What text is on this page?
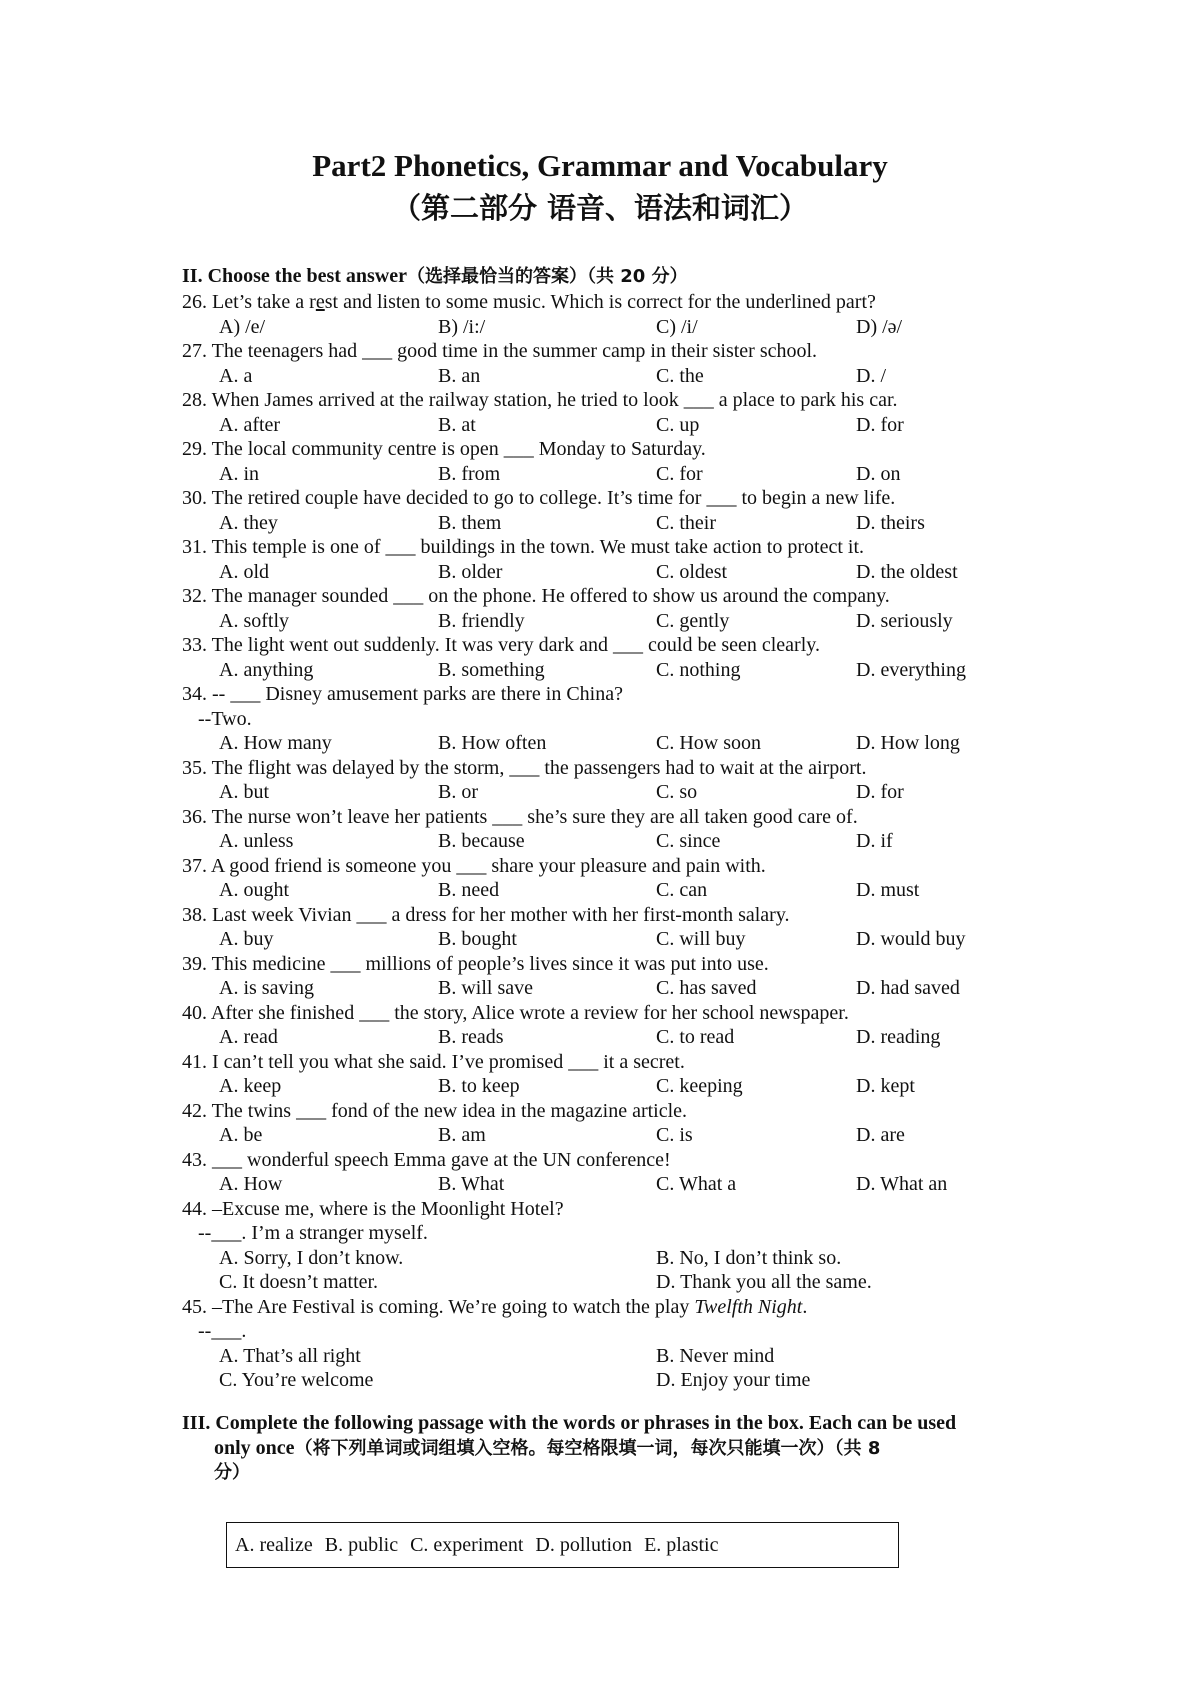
Part2 Phonetics, Grammar and Vocabulary
（第二部分 语音、语法和词汇）
II. Choose the best answer（选择最恰当的答案）（共 20 分）
26. Let’s take a rest and listen to some music. Which is correct for the underlined part?
A) /e/	B) /i:/	C) /i/	D) /ə/
27. The teenagers had ___ good time in the summer camp in their sister school.
A. a	B. an	C. the	D. /
28. When James arrived at the railway station, he tried to look ___ a place to park his car.
A. after	B. at	C. up	D. for
29. The local community centre is open ___ Monday to Saturday.
A. in	B. from	C. for	D. on
30. The retired couple have decided to go to college. It’s time for ___ to begin a new life.
A. they	B. them	C. their	D. theirs
31. This temple is one of ___ buildings in the town. We must take action to protect it.
A. old	B. older	C. oldest	D. the oldest
32. The manager sounded ___ on the phone. He offered to show us around the company.
A. softly	B. friendly	C. gently	D. seriously
33. The light went out suddenly. It was very dark and ___ could be seen clearly.
A. anything	B. something	C. nothing	D. everything
34. -- ___ Disney amusement parks are there in China?
--Two.
A. How many	B. How often	C. How soon	D. How long
35. The flight was delayed by the storm, ___ the passengers had to wait at the airport.
A. but	B. or	C. so	D. for
36. The nurse won’t leave her patients ___ she’s sure they are all taken good care of.
A. unless	B. because	C. since	D. if
37. A good friend is someone you ___ share your pleasure and pain with.
A. ought	B. need	C. can	D. must
38. Last week Vivian ___ a dress for her mother with her first-month salary.
A. buy	B. bought	C. will buy	D. would buy
39. This medicine ___ millions of people’s lives since it was put into use.
A. is saving	B. will save	C. has saved	D. had saved
40. After she finished ___ the story, Alice wrote a review for her school newspaper.
A. read	B. reads	C. to read	D. reading
41. I can’t tell you what she said. I’ve promised ___ it a secret.
A. keep	B. to keep	C. keeping	D. kept
42. The twins ___ fond of the new idea in the magazine article.
A. be	B. am	C. is	D. are
43. ___ wonderful speech Emma gave at the UN conference!
A. How	B. What	C. What a	D. What an
44. –Excuse me, where is the Moonlight Hotel?
--___. I’m a stranger myself.
A. Sorry, I don’t know.	B. No, I don’t think so.
C. It doesn’t matter.	D. Thank you all the same.
45. –The Are Festival is coming. We’re going to watch the play Twelfth Night.
--___.
A. That’s all right	B. Never mind
C. You’re welcome	D. Enjoy your time
III. Complete the following passage with the words or phrases in the box. Each can be used
only once（将下列单词或词组填入空格。每空格限填一词，每次只能填一次）（共 8
分）
A. realize B. public C. experiment D. pollution E. plastic
